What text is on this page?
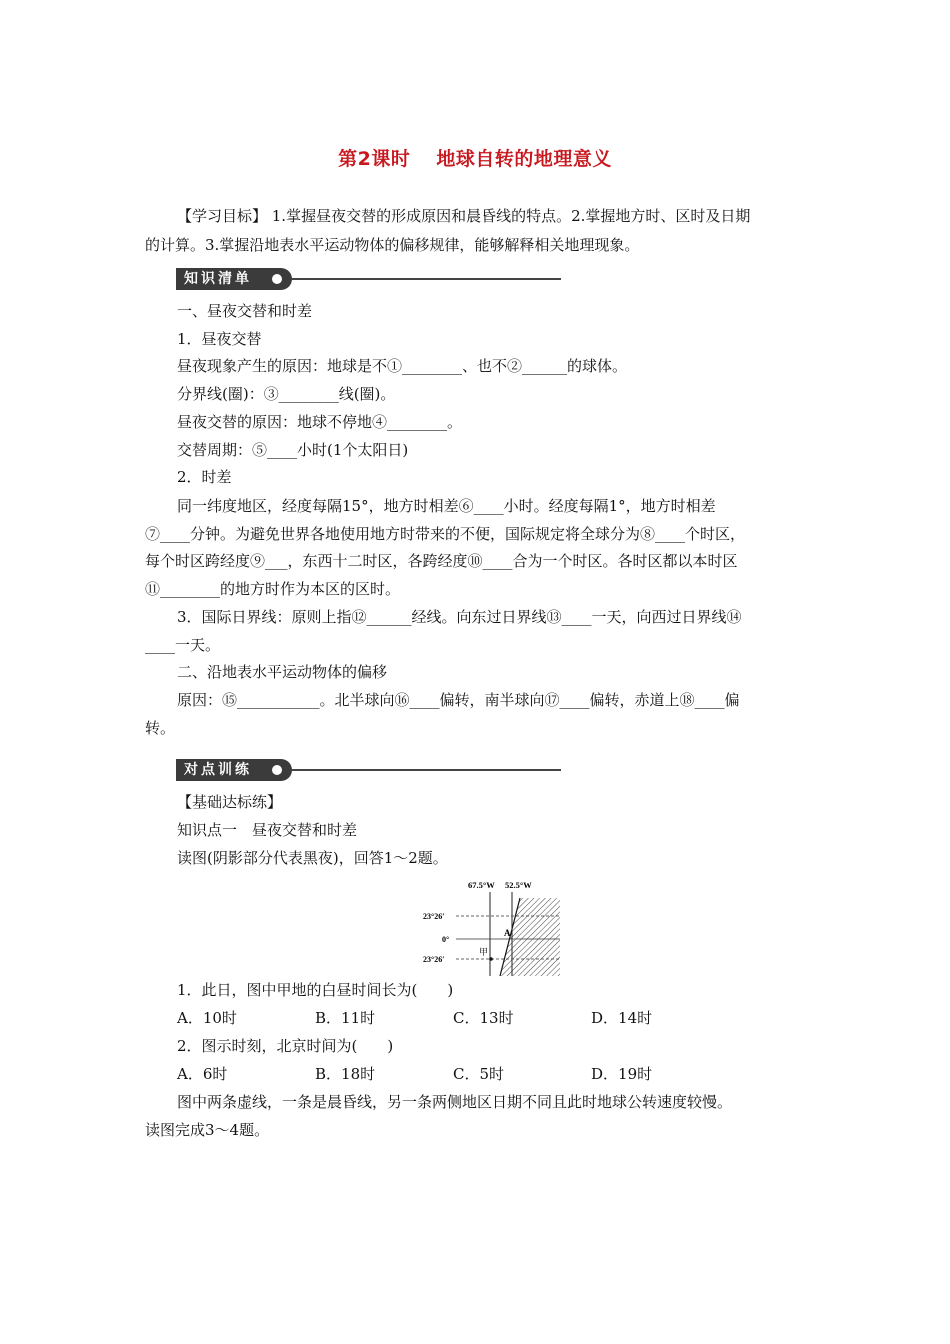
第2课时 地球自转的地理意义
【学习目标】 1.掌握昼夜交替的形成原因和晨昏线的特点。2.掌握地方时、区时及日期
的计算。3.掌握沿地表水平运动物体的偏移规律，能够解释相关地理现象。
知识清单
一、昼夜交替和时差
1．昼夜交替
昼夜现象产生的原因：地球是不①________、也不②______的球体。
分界线(圈)：③________线(圈)。
昼夜交替的原因：地球不停地④________。
交替周期：⑤____小时(1个太阳日)
2．时差
同一纬度地区，经度每隔15°，地方时相差⑥____小时。经度每隔1°，地方时相差
⑦____分钟。为避免世界各地使用地方时带来的不便，国际规定将全球分为⑧____个时区，
每个时区跨经度⑨___，东西十二时区，各跨经度⑩____合为一个时区。各时区都以本时区
⑪________的地方时作为本区的区时。
3．国际日界线：原则上指⑫______经线。向东过日界线⑬____一天，向西过日界线⑭
____一天。
二、沿地表水平运动物体的偏移
原因：⑮___________。北半球向⑯____偏转，南半球向⑰____偏转，赤道上⑱____偏
转。
对点训练
【基础达标练】
知识点一　昼夜交替和时差
读图(阴影部分代表黑夜)，回答1～2题。
67.5°W 52.5°W
23°26′
0°
23°26′
A
甲
1．此日，图中甲地的白昼时间长为(　　)
A．10时	B．11时	C．13时	D．14时
2．图示时刻，北京时间为(　　)
A．6时	B．18时	C．5时	D．19时
图中两条虚线，一条是晨昏线，另一条两侧地区日期不同且此时地球公转速度较慢。
读图完成3～4题。
